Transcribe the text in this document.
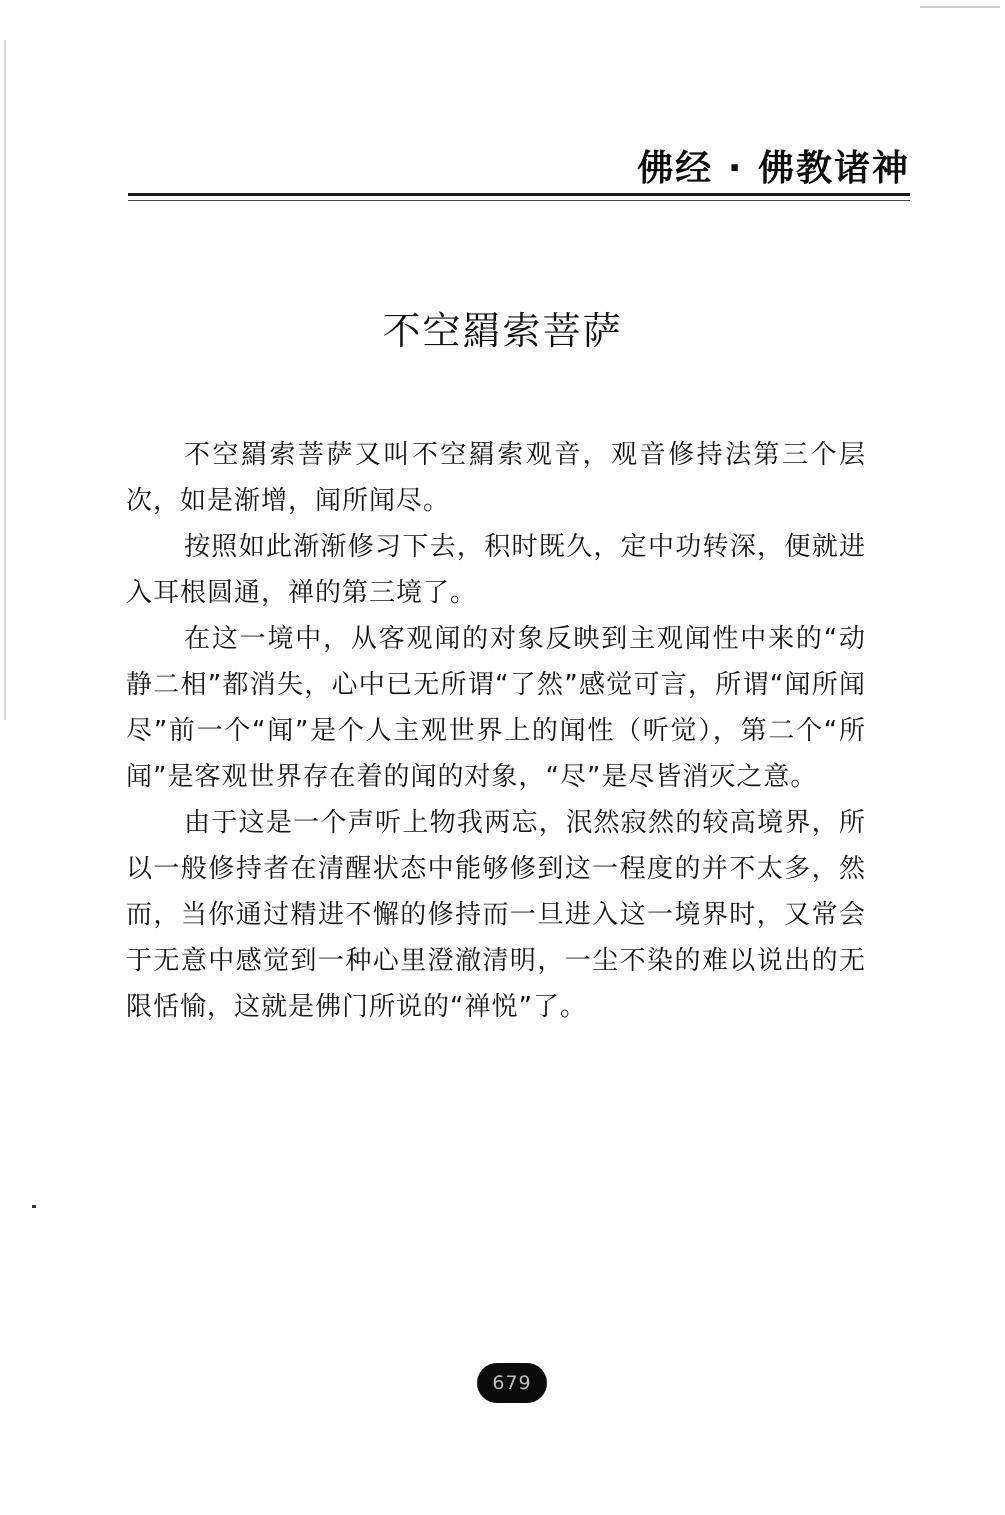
佛经 · 佛教诸神
不空羂索菩萨

不空羂索菩萨又叫不空羂索观音，观音修持法第三个层次，如是渐增，闻所闻尽。

按照如此渐渐修习下去，积时既久，定中功转深，便就进入耳根圆通，禅的第三境了。

在这一境中，从客观闻的对象反映到主观闻性中来的“动静二相”都消失，心中已无所谓“了然”感觉可言，所谓“闻所闻尽”前一个“闻”是个人主观世界上的闻性（听觉），第二个“所闻”是客观世界存在着的闻的对象，“尽”是尽皆消灭之意。

由于这是一个声听上物我两忘，泯然寂然的较高境界，所以一般修持者在清醒状态中能够修到这一程度的并不太多，然而，当你通过精进不懈的修持而一旦进入这一境界时，又常会于无意中感觉到一种心里澄澈清明，一尘不染的难以说出的无限恬愉，这就是佛门所说的“禅悦”了。

679
